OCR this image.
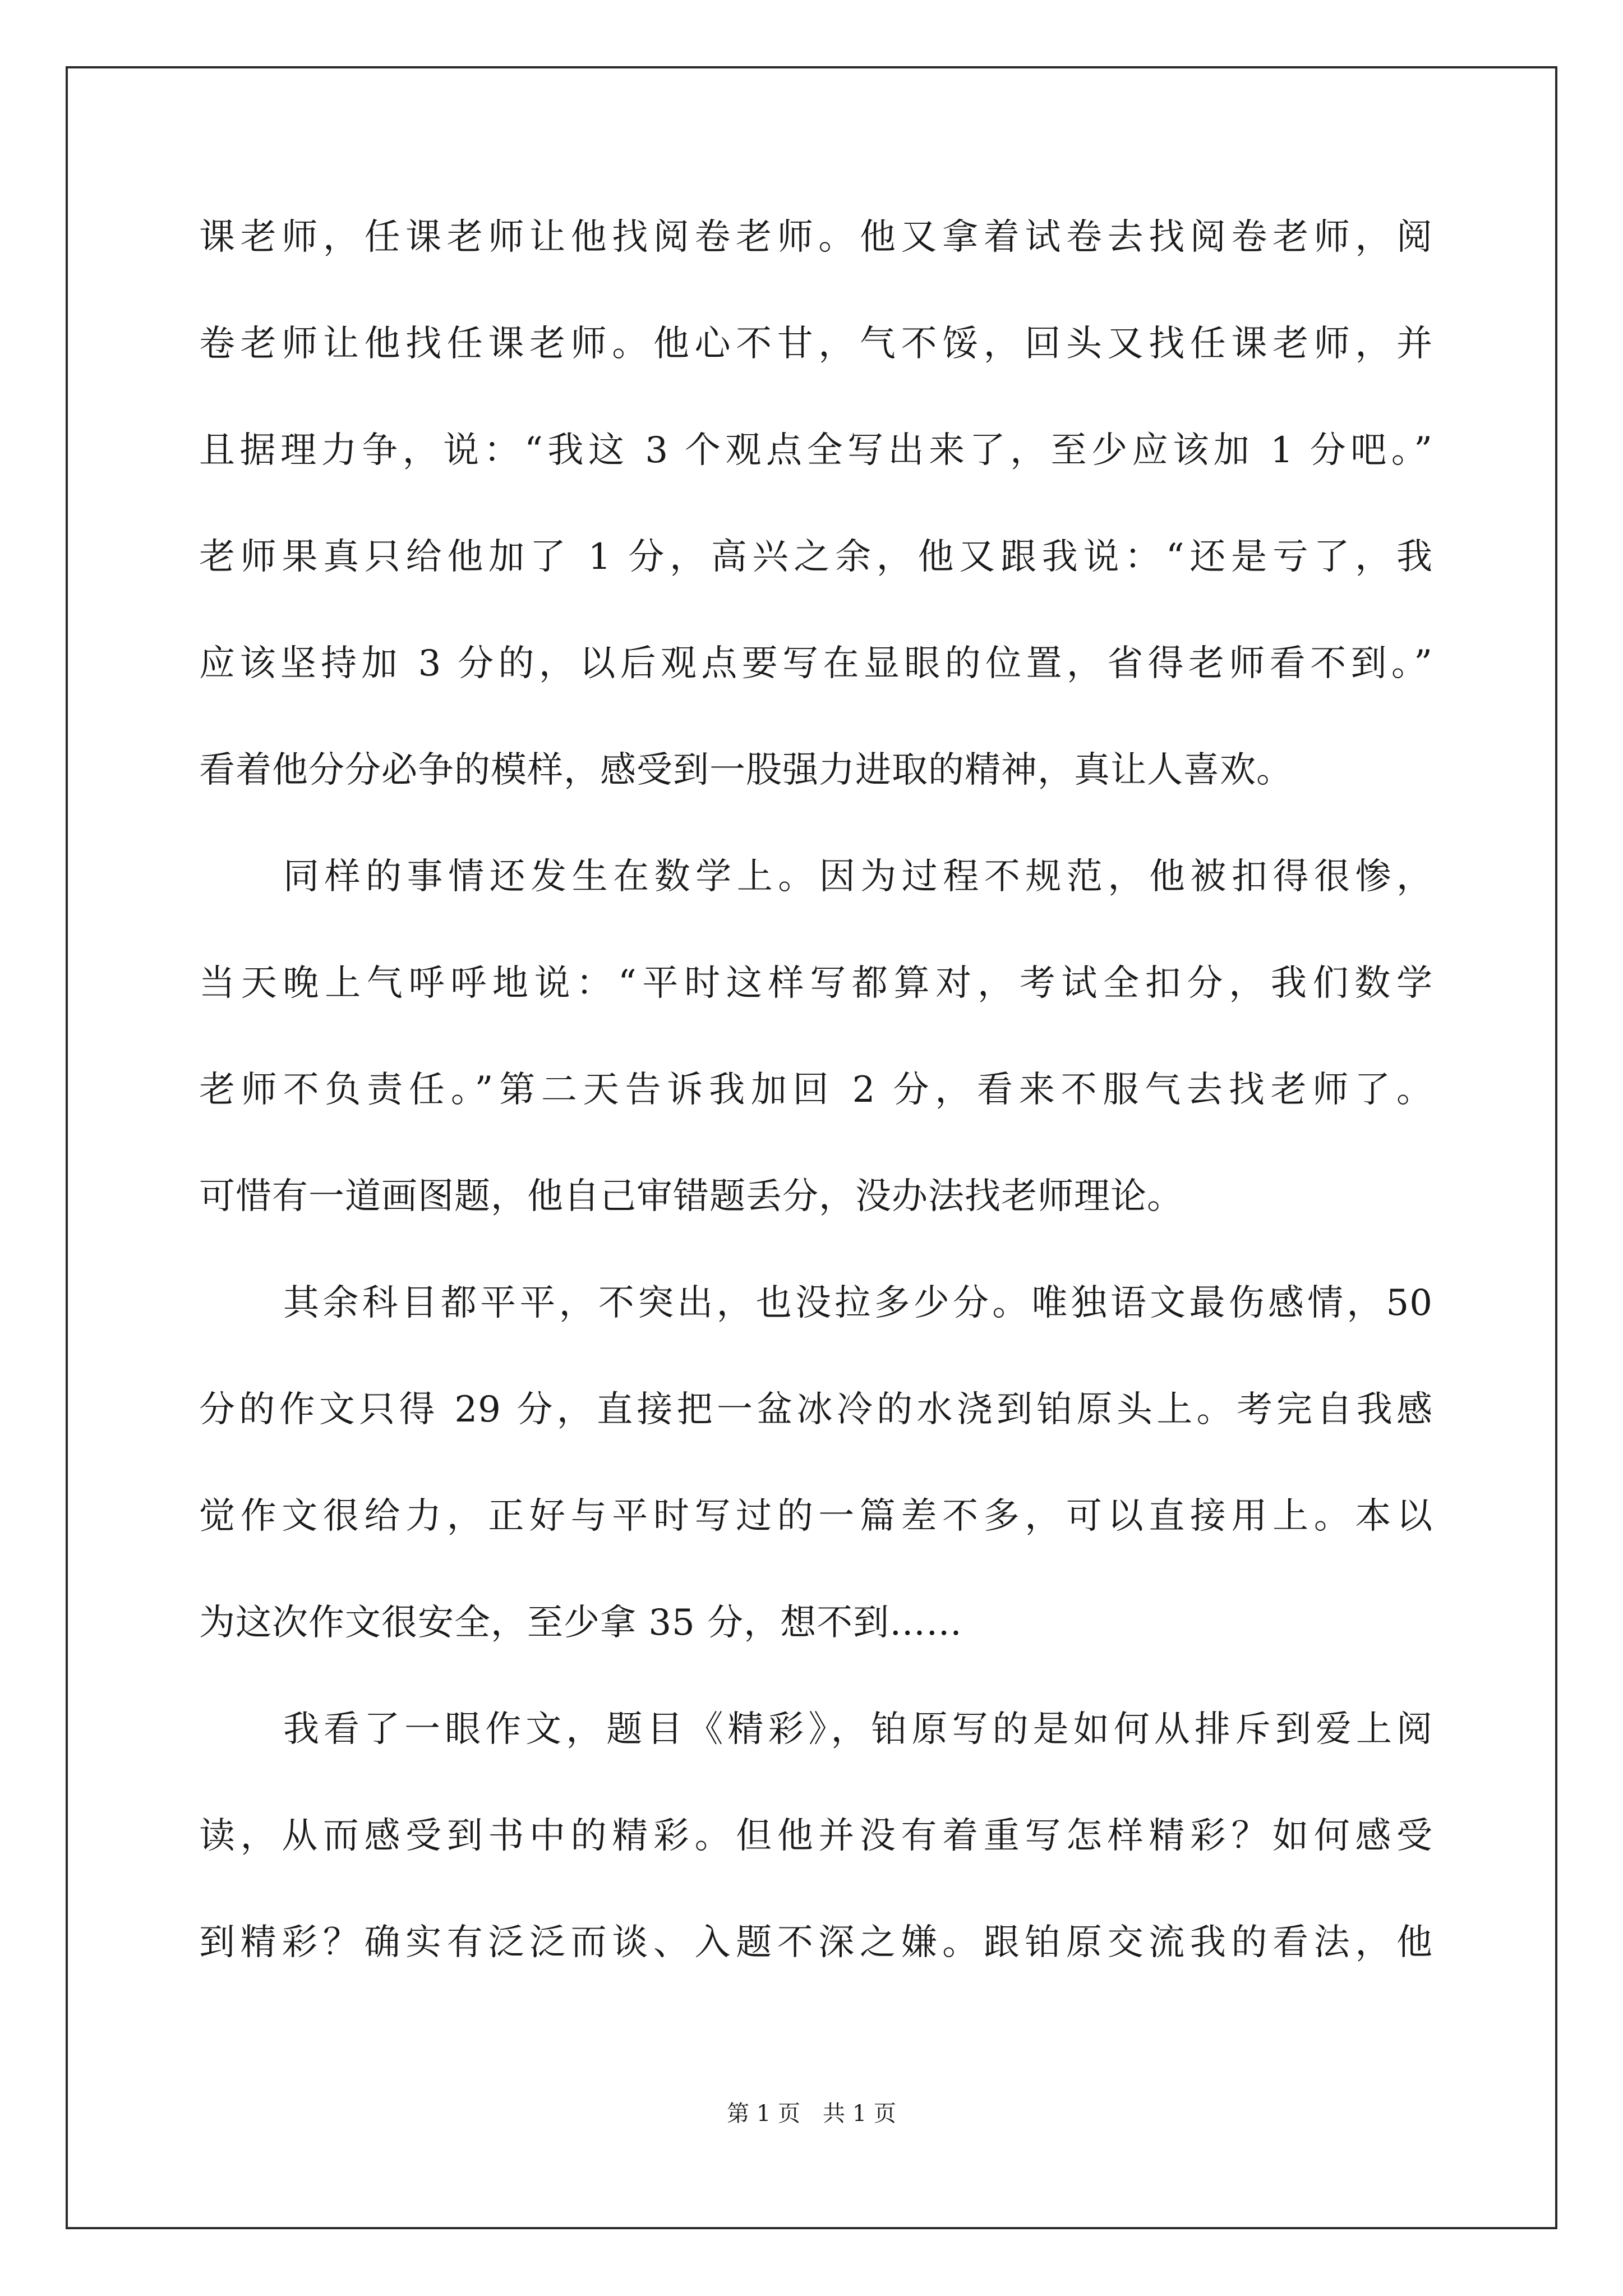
课老师，任课老师让他找阅卷老师。他又拿着试卷去找阅卷老师，阅
卷老师让他找任课老师。他心不甘，气不馁，回头又找任课老师，并
且据理力争，说：“我这 3 个观点全写出来了，至少应该加 1 分吧。”
老师果真只给他加了 1 分，高兴之余，他又跟我说：“还是亏了，我
应该坚持加 3 分的，以后观点要写在显眼的位置，省得老师看不到。”
看着他分分必争的模样，感受到一股强力进取的精神，真让人喜欢。
同样的事情还发生在数学上。因为过程不规范，他被扣得很惨，
当天晚上气呼呼地说：“平时这样写都算对，考试全扣分，我们数学
老师不负责任。”第二天告诉我加回 2 分，看来不服气去找老师了。
可惜有一道画图题，他自己审错题丢分，没办法找老师理论。
其余科目都平平，不突出，也没拉多少分。唯独语文最伤感情，50
分的作文只得 29 分，直接把一盆冰冷的水浇到铂原头上。考完自我感
觉作文很给力，正好与平时写过的一篇差不多，可以直接用上。本以
为这次作文很安全，至少拿 35 分，想不到……
我看了一眼作文，题目《精彩》，铂原写的是如何从排斥到爱上阅
读，从而感受到书中的精彩。但他并没有着重写怎样精彩？如何感受
到精彩？确实有泛泛而谈、入题不深之嫌。跟铂原交流我的看法，他
第 1 页　共 1 页
